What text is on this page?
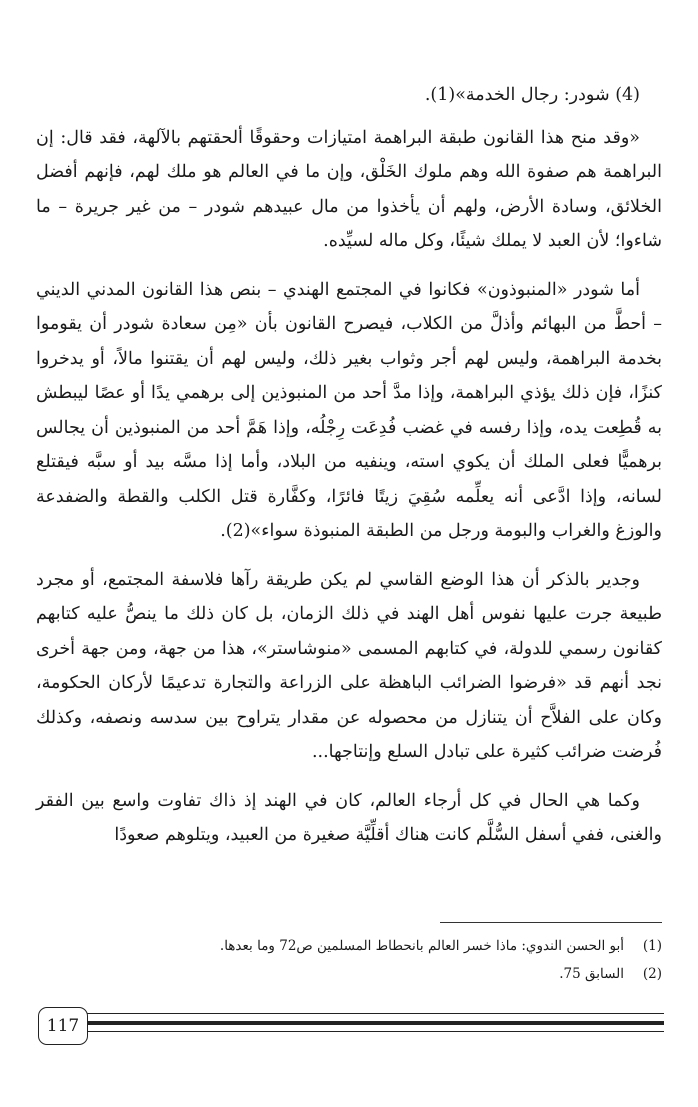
(4) شودر: رجال الخدمة»(1).

«وقد منح هذا القانون طبقة البراهمة امتيازات وحقوقًا ألحقتهم بالآلهة، فقد قال: إن البراهمة هم صفوة الله وهم ملوك الخَلْق، وإن ما في العالم هو ملك لهم، فإنهم أفضل الخلائق، وسادة الأرض، ولهم أن يأخذوا من مال عبيدهم شودر – من غير جريرة – ما شاءوا؛ لأن العبد لا يملك شيئًا، وكل ماله لسيِّده.

أما شودر «المنبوذون» فكانوا في المجتمع الهندي – بنص هذا القانون المدني الديني – أحطَّ من البهائم وأذلَّ من الكلاب، فيصرح القانون بأن «مِن سعادة شودر أن يقوموا بخدمة البراهمة، وليس لهم أجر وثواب بغير ذلك، وليس لهم أن يقتنوا مالاً، أو يدخروا كنزًا، فإن ذلك يؤذي البراهمة، وإذا مدَّ أحد من المنبوذين إلى برهمي يدًا أو عصًا ليبطش به قُطِعت يده، وإذا رفسه في غضب فُدِعَت رِجْلُه، وإذا هَمَّ أحد من المنبوذين أن يجالس برهميًّا فعلى الملك أن يكوي استه، وينفيه من البلاد، وأما إذا مسَّه بيد أو سبَّه فيقتلع لسانه، وإذا ادَّعى أنه يعلِّمه سُقِيَ زيتًا فائرًا، وكفَّارة قتل الكلب والقطة والضفدعة والوزغ والغراب والبومة ورجل من الطبقة المنبوذة سواء»(2).

وجدير بالذكر أن هذا الوضع القاسي لم يكن طريقة رآها فلاسفة المجتمع، أو مجرد طبيعة جرت عليها نفوس أهل الهند في ذلك الزمان، بل كان ذلك ما ينصُّ عليه كتابهم كقانون رسمي للدولة، في كتابهم المسمى «منوشاستر»، هذا من جهة، ومن جهة أخرى نجد أنهم قد «فرضوا الضرائب الباهظة على الزراعة والتجارة تدعيمًا لأركان الحكومة، وكان على الفلاَّح أن يتنازل من محصوله عن مقدار يتراوح بين سدسه ونصفه، وكذلك فُرضت ضرائب كثيرة على تبادل السلع وإنتاجها...

وكما هي الحال في كل أرجاء العالم، كان في الهند إذ ذاك تفاوت واسع بين الفقر والغنى، ففي أسفل السُّلَّم كانت هناك أقلِّيَّة صغيرة من العبيد، ويتلوهم صعودًا

(1)
أبو الحسن الندوي: ماذا خسر العالم بانحطاط المسلمين ص72 وما بعدها.
(2)
السابق 75.
117
